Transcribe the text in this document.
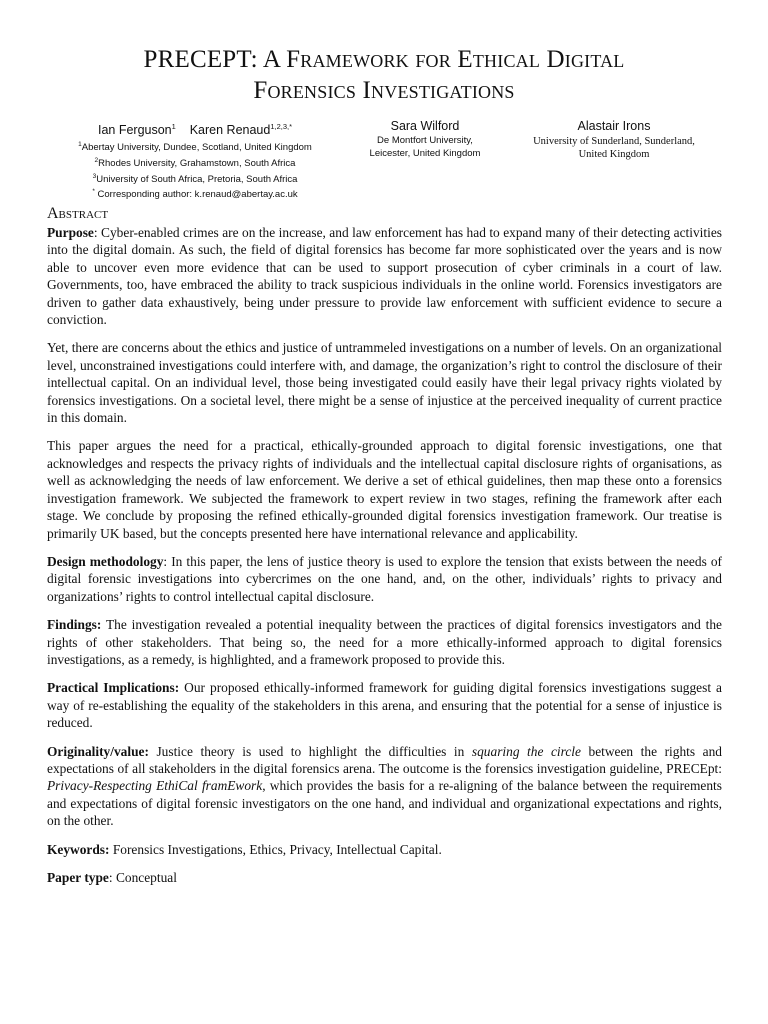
PRECEPT: A Framework for Ethical Digital
Forensics Investigations
Ian Ferguson$^1$ Karen Renaud$^{1,2,3,*}$
$^1$Abertay University, Dundee, Scotland, United Kingdom
$^2$Rhodes University, Grahamstown, South Africa
$^3$University of South Africa, Pretoria, South Africa
* Corresponding author: k.renaud@abertay.ac.uk
Sara Wilford
De Montfort University,
Leicester, United Kingdom
Alastair Irons
University of Sunderland, Sunderland,
United Kingdom
Abstract

Purpose: Cyber-enabled crimes are on the increase, and law enforcement has had to expand many of their detecting activities into the digital domain. As such, the field of digital forensics has become far more sophisticated over the years and is now able to uncover even more evidence that can be used to support prosecution of cyber criminals in a court of law. Governments, too, have embraced the ability to track suspicious individuals in the online world. Forensics investigators are driven to gather data exhaustively, being under pressure to provide law enforcement with sufficient evidence to secure a conviction.

Yet, there are concerns about the ethics and justice of untrammeled investigations on a number of levels. On an organizational level, unconstrained investigations could interfere with, and damage, the organization’s right to control the disclosure of their intellectual capital. On an individual level, those being investigated could easily have their legal privacy rights violated by forensics investigations. On a societal level, there might be a sense of injustice at the perceived inequality of current practice in this domain.

This paper argues the need for a practical, ethically-grounded approach to digital forensic investigations, one that acknowledges and respects the privacy rights of individuals and the intellectual capital disclosure rights of organisations, as well as acknowledging the needs of law enforcement. We derive a set of ethical guidelines, then map these onto a forensics investigation framework. We subjected the framework to expert review in two stages, refining the framework after each stage. We conclude by proposing the refined ethically-grounded digital forensics investigation framework. Our treatise is primarily UK based, but the concepts presented here have international relevance and applicability.

Design methodology: In this paper, the lens of justice theory is used to explore the tension that exists between the needs of digital forensic investigations into cybercrimes on the one hand, and, on the other, individuals’ rights to privacy and organizations’ rights to control intellectual capital disclosure.

Findings: The investigation revealed a potential inequality between the practices of digital forensics investigators and the rights of other stakeholders. That being so, the need for a more ethically-informed approach to digital forensics investigations, as a remedy, is highlighted, and a framework proposed to provide this.

Practical Implications: Our proposed ethically-informed framework for guiding digital forensics investigations suggest a way of re-establishing the equality of the stakeholders in this arena, and ensuring that the potential for a sense of injustice is reduced.

Originality/value: Justice theory is used to highlight the difficulties in squaring the circle between the rights and expectations of all stakeholders in the digital forensics arena. The outcome is the forensics investigation guideline, PRECEpt: Privacy-Respecting EthiCal framEwork, which provides the basis for a re-aligning of the balance between the requirements and expectations of digital forensic investigators on the one hand, and individual and organizational expectations and rights, on the other.

Keywords: Forensics Investigations, Ethics, Privacy, Intellectual Capital.

Paper type: Conceptual
